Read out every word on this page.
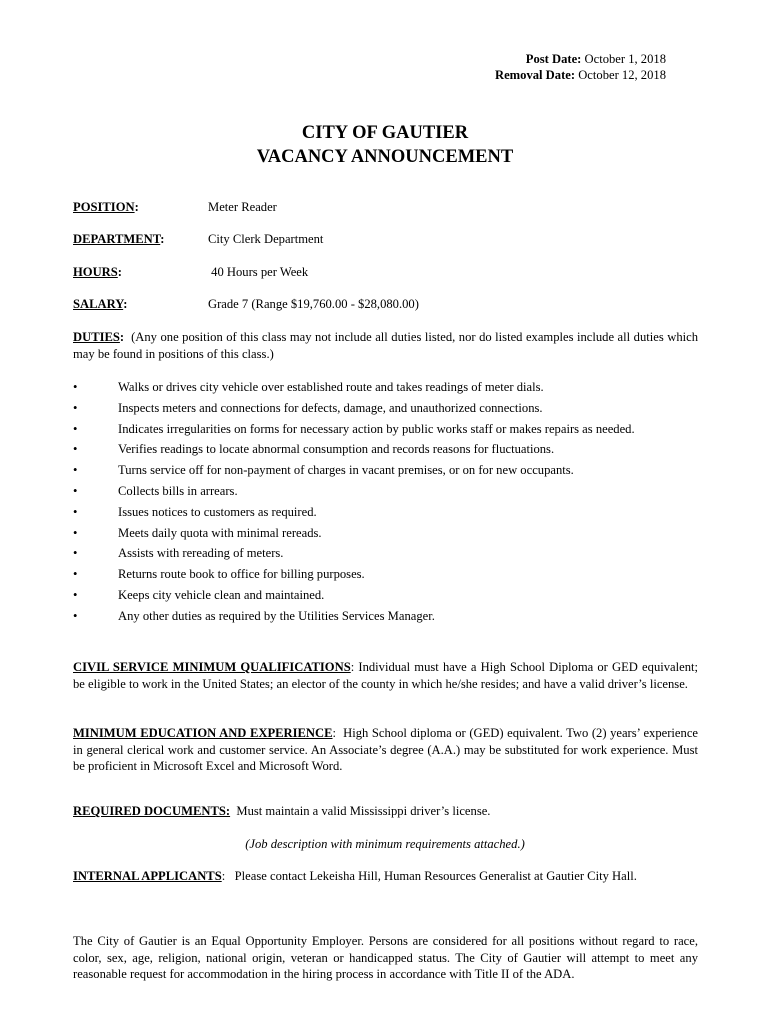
Post Date: October 1, 2018
Removal Date: October 12, 2018
CITY OF GAUTIER
VACANCY ANNOUNCEMENT
POSITION:	Meter Reader
DEPARTMENT:	City Clerk Department
HOURS:	40 Hours per Week
SALARY:	Grade 7 (Range $19,760.00 - $28,080.00)
DUTIES:  (Any one position of this class may not include all duties listed, nor do listed examples include all duties which may be found in positions of this class.)
•	Walks or drives city vehicle over established route and takes readings of meter dials.
•	Inspects meters and connections for defects, damage, and unauthorized connections.
•	Indicates irregularities on forms for necessary action by public works staff or makes repairs as needed.
•	Verifies readings to locate abnormal consumption and records reasons for fluctuations.
•	Turns service off for non-payment of charges in vacant premises, or on for new occupants.
•	Collects bills in arrears.
•	Issues notices to customers as required.
•	Meets daily quota with minimal rereads.
•	Assists with rereading of meters.
•	Returns route book to office for billing purposes.
•	Keeps city vehicle clean and maintained.
•	Any other duties as required by the Utilities Services Manager.
CIVIL SERVICE MINIMUM QUALIFICATIONS: Individual must have a High School Diploma or GED equivalent; be eligible to work in the United States; an elector of the county in which he/she resides; and have a valid driver’s license.
MINIMUM EDUCATION AND EXPERIENCE:  High School diploma or (GED) equivalent. Two (2) years’ experience in general clerical work and customer service. An Associate’s degree (A.A.) may be substituted for work experience. Must be proficient in Microsoft Excel and Microsoft Word.
REQUIRED DOCUMENTS:  Must maintain a valid Mississippi driver’s license.
(Job description with minimum requirements attached.)
INTERNAL APPLICANTS:   Please contact Lekeisha Hill, Human Resources Generalist at Gautier City Hall.
The City of Gautier is an Equal Opportunity Employer. Persons are considered for all positions without regard to race, color, sex, age, religion, national origin, veteran or handicapped status. The City of Gautier will attempt to meet any reasonable request for accommodation in the hiring process in accordance with Title II of the ADA.
